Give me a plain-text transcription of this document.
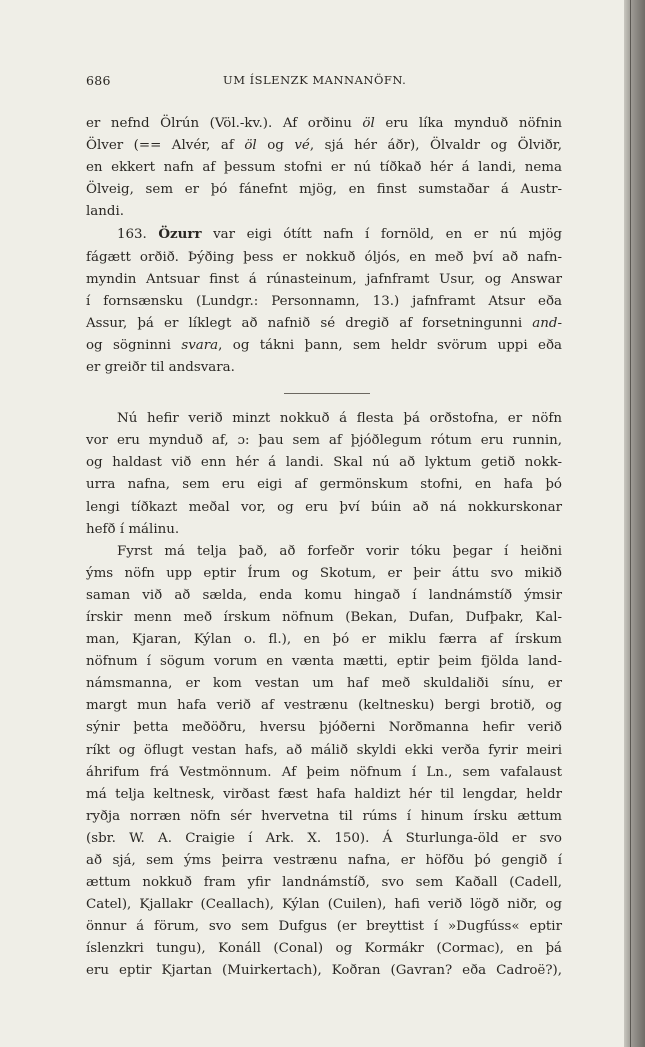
686	UM ÍSLENZK MANNANÖFN.
er nefnd Ölrún (Völ.-kv.). Af orðinu öl eru líka mynduð nöfnin
Ölver (== Alvér, af öl og vé, sjá hér áðr), Ölvaldr og Ölviðr,
en ekkert nafn af þessum stofni er nú tíðkað hér á landi, nema
Ölveig, sem er þó fánefnt mjög, en finst sumstaðar á Austr-
landi.
163. Özurr var eigi ótítt nafn í fornöld, en er nú mjög
fágætt orðið. Þýðing þess er nokkuð óljós, en með því að nafn-
myndin Antsuar finst á rúnasteinum, jafnframt Usur, og Answar
í fornsænsku (Lundgr.: Personnamn, 13.) jafnframt Atsur eða
Assur, þá er líklegt að nafnið sé dregið af forsetningunni and-
og sögninni svara, og tákni þann, sem heldr svörum uppi eða
er greiðr til andsvara.
Nú hefir verið minzt nokkuð á flesta þá orðstofna, er nöfn
vor eru mynduð af, ɔ: þau sem af þjóðlegum rótum eru runnin,
og haldast við enn hér á landi. Skal nú að lyktum getið nokk-
urra nafna, sem eru eigi af germönskum stofni, en hafa þó
lengi tíðkazt meðal vor, og eru því búin að ná nokkurskonar
hefð í málinu.
Fyrst má telja það, að forfeðr vorir tóku þegar í heiðni
ýms nöfn upp eptir Írum og Skotum, er þeir áttu svo mikið
saman við að sælda, enda komu hingað í landnámstíð ýmsir
írskir menn með írskum nöfnum (Bekan, Dufan, Dufþakr, Kal-
man, Kjaran, Kýlan o. fl.), en þó er miklu færra af írskum
nöfnum í sögum vorum en vænta mætti, eptir þeim fjölda land-
námsmanna, er kom vestan um haf með skuldaliði sínu, er
margt mun hafa verið af vestrænu (keltnesku) bergi brotið, og
sýnir þetta meðöðru, hversu þjóðerni Norðmanna hefir verið
ríkt og öflugt vestan hafs, að málið skyldi ekki verða fyrir meiri
áhrifum frá Vestmönnum. Af þeim nöfnum í Ln., sem vafalaust
má telja keltnesk, virðast fæst hafa haldizt hér til lengdar, heldr
ryðja norræn nöfn sér hvervetna til rúms í hinum írsku ættum
(sbr. W. A. Craigie í Ark. X. 150). Á Sturlunga-öld er svo
að sjá, sem ýms þeirra vestrænu nafna, er höfðu þó gengið í
ættum nokkuð fram yfir landnámstíð, svo sem Kaðall (Cadell,
Catel), Kjallakr (Ceallach), Kýlan (Cuilen), hafi verið lögð niðr, og
önnur á förum, svo sem Dufgus (er breyttist í »Dugfúss« eptir
íslenzkri tungu), Konáll (Conal) og Kormákr (Cormac), en þá
eru eptir Kjartan (Muirkertach), Koðran (Gavran? eða Cadroë?),
